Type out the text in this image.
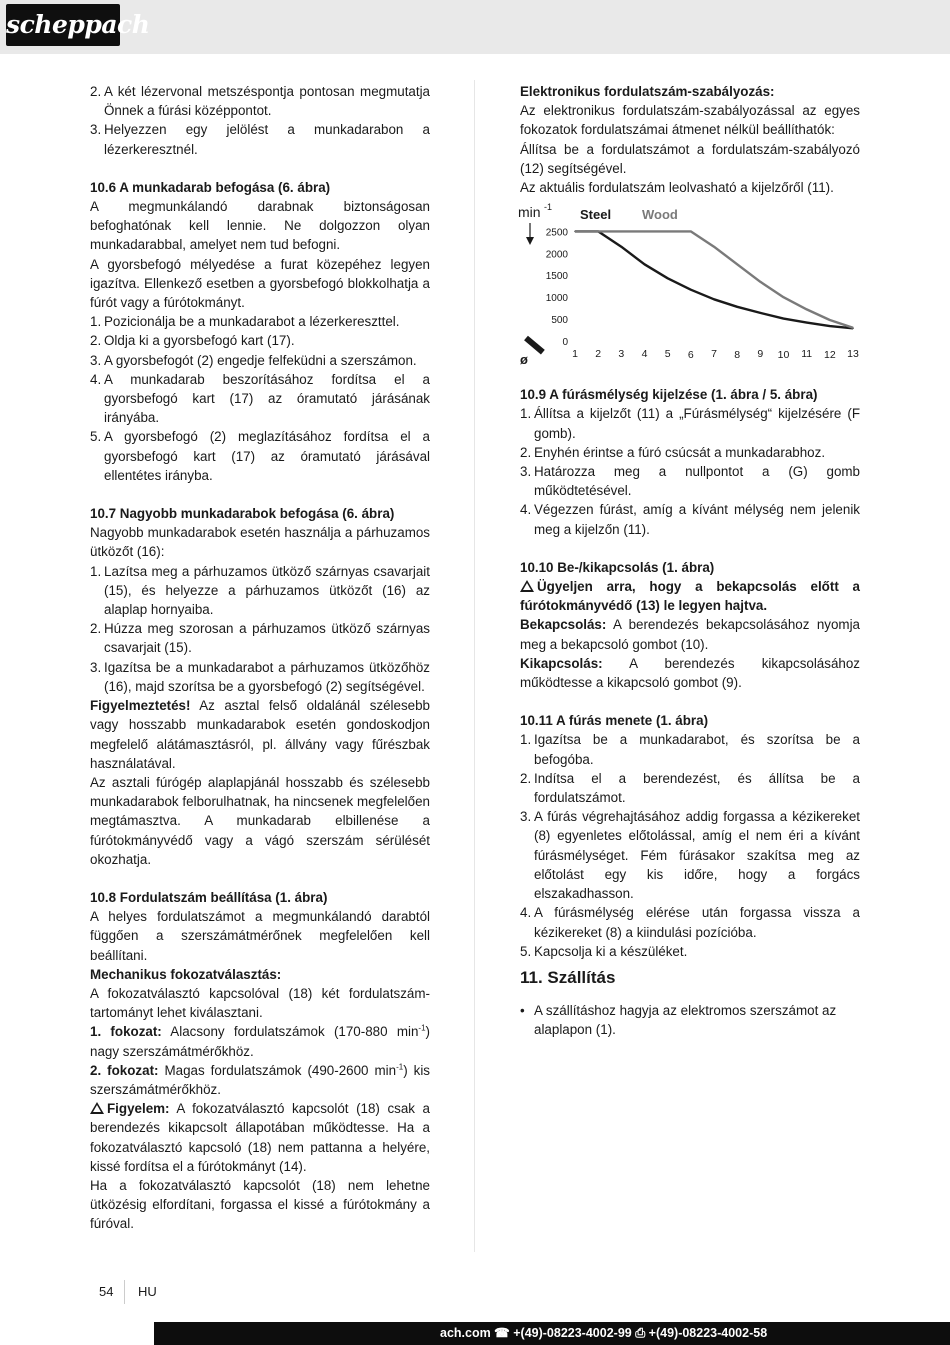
scheppach
2. A két lézervonal metszéspontja pontosan megmutatja Önnek a fúrási középpontot.
3. Helyezzen egy jelölést a munkadarabon a lézerkeresztnél.

10.6 A munkadarab befogása (6. ábra)

A megmunkálandó darabnak biztonságosan befoghatónak kell lennie. Ne dolgozzon olyan munkadarabbal, amelyet nem tud befogni.

A gyorsbefogó mélyedése a furat közepéhez legyen igazítva. Ellenkező esetben a gyorsbefogó blokkolhatja a fúrót vagy a fúrótokmányt.

1. Pozicionálja be a munkadarabot a lézerkereszttel.
2. Oldja ki a gyorsbefogó kart (17).
3. A gyorsbefogót (2) engedje felfeküdni a szerszámon.
4. A munkadarab beszorításához fordítsa el a gyorsbefogó kart (17) az óramutató járásának irányába.
5. A gyorsbefogó (2) meglazításához fordítsa el a gyorsbefogó kart (17) az óramutató járásával ellentétes irányba.

10.7 Nagyobb munkadarabok befogása (6. ábra)

Nagyobb munkadarabok esetén használja a párhuzamos ütközőt (16):

1. Lazítsa meg a párhuzamos ütköző szárnyas csavarjait (15), és helyezze a párhuzamos ütközőt (16) az alaplap hornyaiba.
2. Húzza meg szorosan a párhuzamos ütköző szárnyas csavarjait (15).
3. Igazítsa be a munkadarabot a párhuzamos ütközőhöz (16), majd szorítsa be a gyorsbefogó (2) segítségével.

Figyelmeztetés! Az asztal felső oldalánál szélesebb vagy hosszabb munkadarabok esetén gondoskodjon megfelelő alátámasztásról, pl. állvány vagy fűrészbak használatával.

Az asztali fúrógép alaplapjánál hosszabb és szélesebb munkadarabok felborulhatnak, ha nincsenek megfelelően megtámasztva. A munkadarab elbillenése a fúrótokmányvédő vagy a vágó szerszám sérülését okozhatja.

10.8 Fordulatszám beállítása (1. ábra)

A helyes fordulatszámot a megmunkálandó darabtól függően a szerszámátmérőnek megfelelően kell beállítani.

Mechanikus fokozatválasztás:

A fokozatválasztó kapcsolóval (18) két fordulatszám-tartományt lehet kiválasztani.

1. fokozat: Alacsony fordulatszámok (170-880 $\min^{-1}$) nagy szerszámátmérőkhöz.

2. fokozat: Magas fordulatszámok (490-2600 $\min^{-1}$) kis szerszámátmérőkhöz.

Figyelem: A fokozatválasztó kapcsolót (18) csak a berendezés kikapcsolt állapotában működtesse. Ha a fokozatválasztó kapcsoló (18) nem pattanna a helyére, kissé fordítsa el a fúrótokmányt (14).

Ha a fokozatválasztó kapcsolót (18) nem lehetne ütközésig elfordítani, forgassa el kissé a fúrótokmány a fúróval.

Elektronikus fordulatszám-szabályozás:

Az elektronikus fordulatszám-szabályozással az egyes fokozatok fordulatszámai átmenet nélkül beállíthatók:

Állítsa be a fordulatszámot a fordulatszám-szabályozó (12) segítségével.

Az aktuális fordulatszám leolvasható a kijelzőről (11).

min -1
0
500
1000
1500
2000
2500
1 2 3 4 5 6 7 8 9 10 11 12 13
ø
Steel Wood

10.9 A fúrásmélység kijelzése (1. ábra / 5. ábra)

1. Állítsa a kijelzőt (11) a „Fúrásmélység“ kijelzésére (F gomb).
2. Enyhén érintse a fúró csúcsát a munkadarabhoz.
3. Határozza meg a nullpontot a (G) gomb működtetésével.
4. Végezzen fúrást, amíg a kívánt mélység nem jelenik meg a kijelzőn (11).

10.10 Be-/kikapcsolás (1. ábra)

Ügyeljen arra, hogy a bekapcsolás előtt a fúrótokmányvédő (13) le legyen hajtva.

Bekapcsolás: A berendezés bekapcsolásához nyomja meg a bekapcsoló gombot (10).

Kikapcsolás: A berendezés kikapcsolásához működtesse a kikapcsoló gombot (9).

10.11 A fúrás menete (1. ábra)

1. Igazítsa be a munkadarabot, és szorítsa be a befogóba.
2. Indítsa el a berendezést, és állítsa be a fordulatszámot.
3. A fúrás végrehajtásához addig forgassa a kézikereket (8) egyenletes előtolással, amíg el nem éri a kívánt fúrásmélységet. Fém fúrásakor szakítsa meg az előtolást egy kis időre, hogy a forgács elszakadhasson.
4. A fúrásmélység elérése után forgassa vissza a kézikereket (8) a kiindulási pozícióba.
5. Kapcsolja ki a készüléket.
11. Szállítás
• A szállításhoz hagyja az elektromos szerszámot az alaplapon (1).
54 HU
ach.com ☎ +(49)-08223-4002-99 ⎙ +(49)-08223-4002-58
